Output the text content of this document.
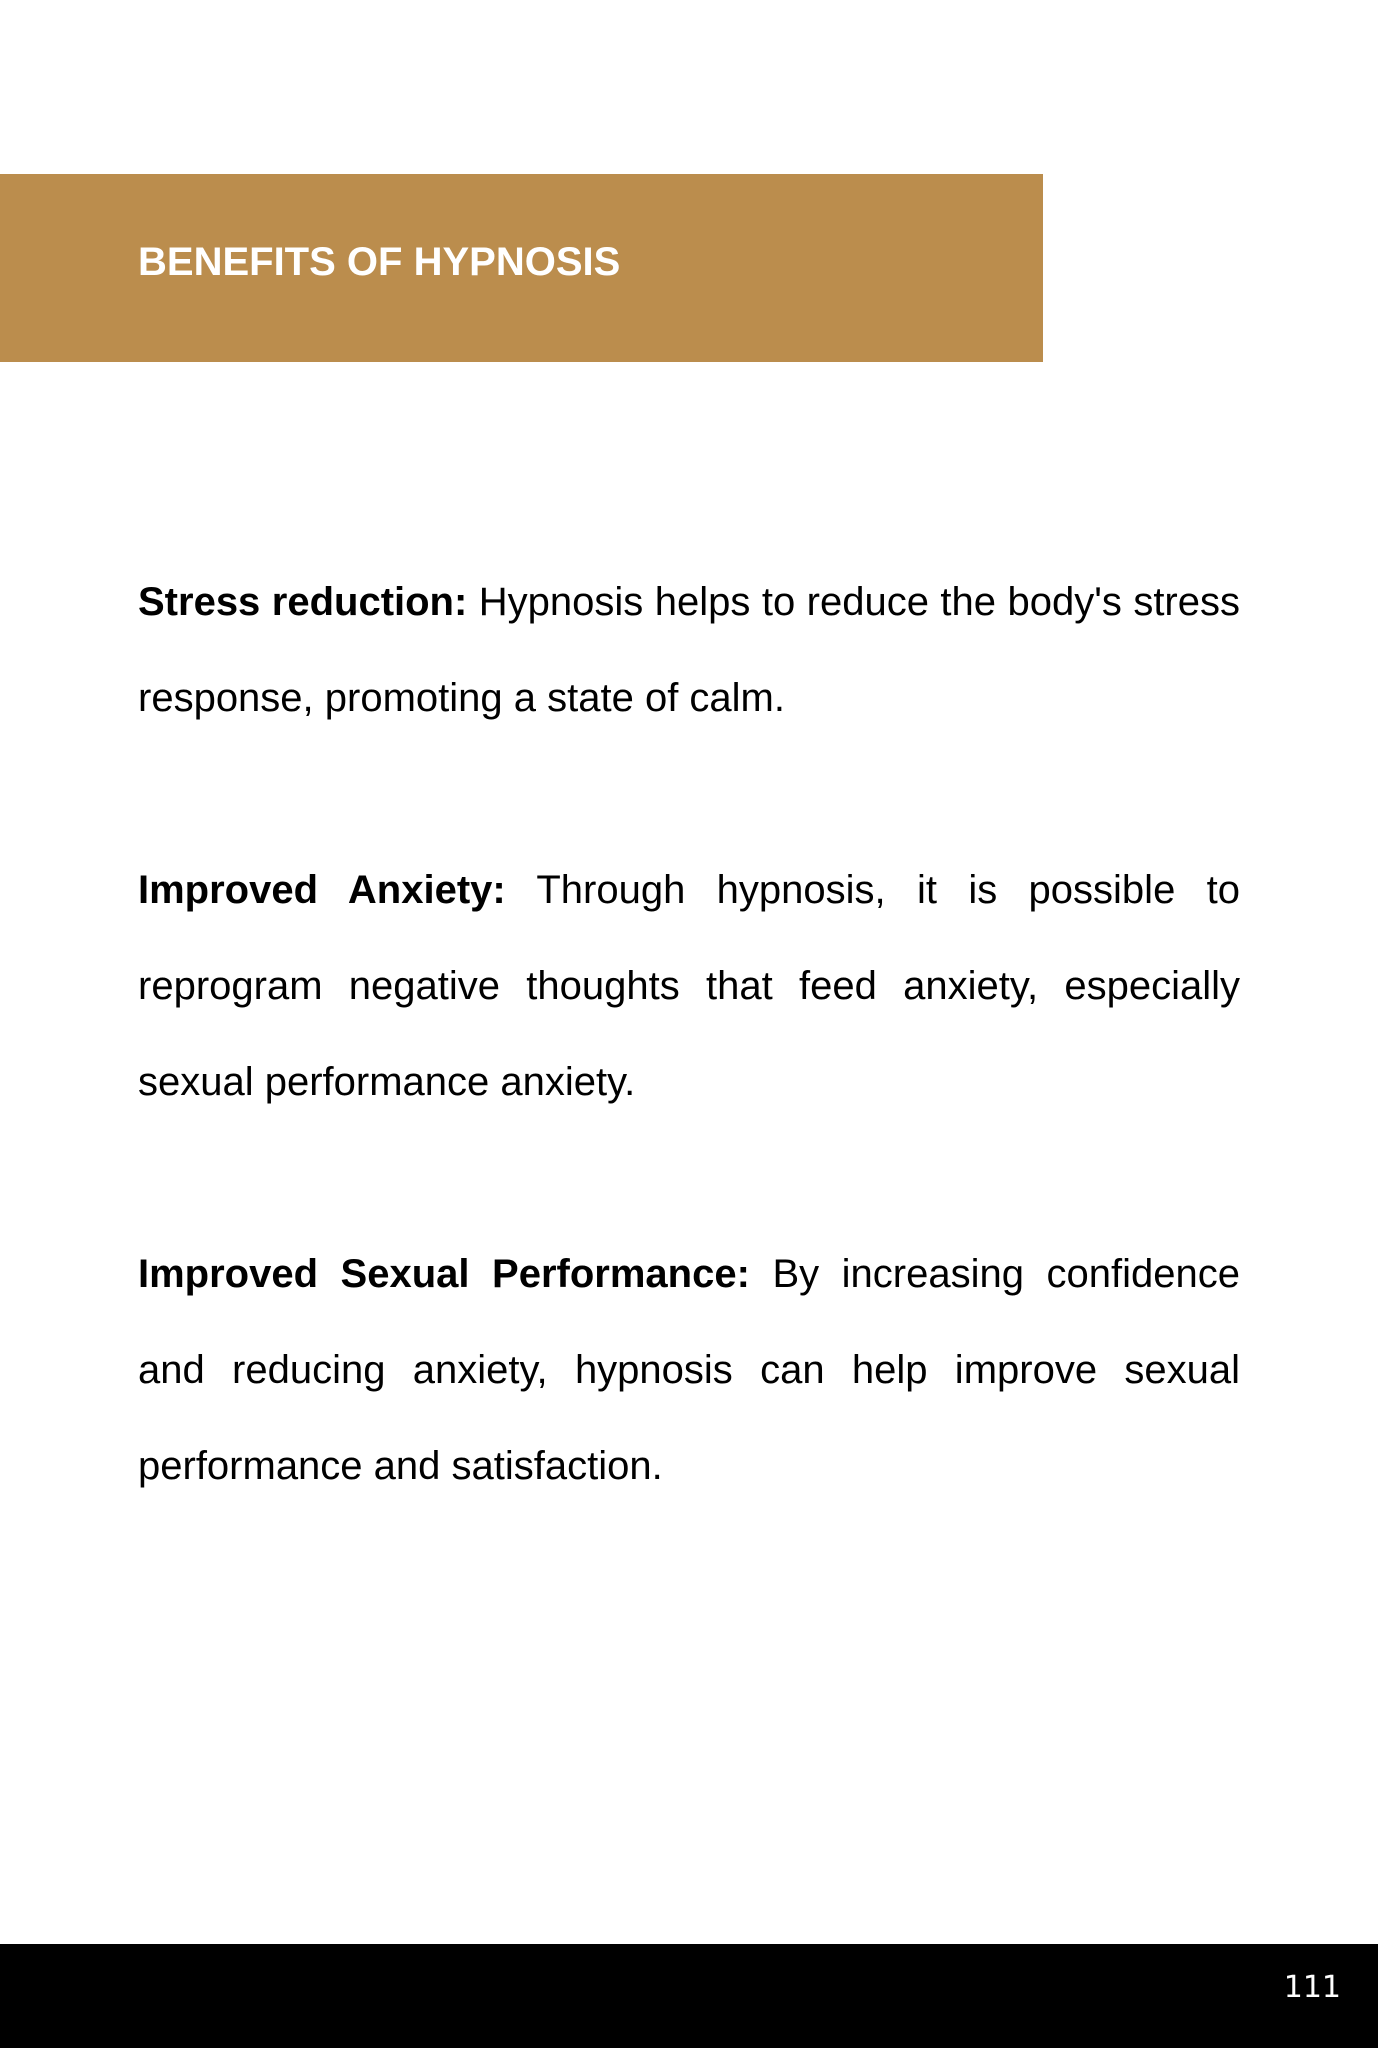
BENEFITS OF HYPNOSIS

Stress reduction: Hypnosis helps to reduce the body's stress response, promoting a state of calm.

Improved Anxiety: Through hypnosis, it is possible to reprogram negative thoughts that feed anxiety, especially sexual performance anxiety.

Improved Sexual Performance: By increasing confidence and reducing anxiety, hypnosis can help improve sexual performance and satisfaction.

111
